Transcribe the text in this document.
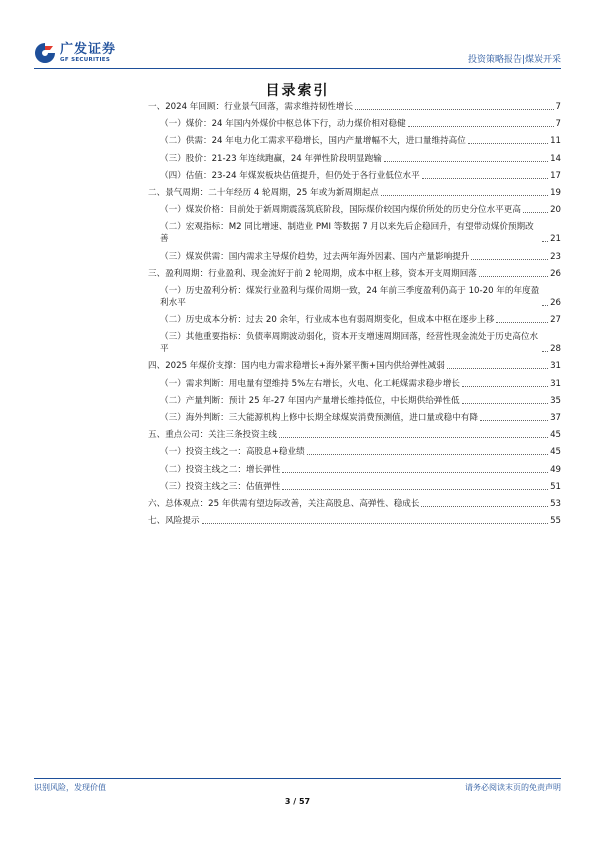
广发证券
GF SECURITIES	投资策略报告|煤炭开采
目录索引
一、2024 年回顾：行业景气回落，需求维持韧性增长	7
（一）煤价：24 年国内外煤价中枢总体下行，动力煤价相对稳健	7
（二）供需：24 年电力化工需求平稳增长，国内产量增幅不大，进口量维持高位	11
（三）股价：21-23 年连续跑赢，24 年弹性阶段明显跑输	14
（四）估值：23-24 年煤炭板块估值提升，但仍处于各行业低位水平	17
二、景气周期：二十年经历 4 轮周期，25 年或为新周期起点	19
（一）煤炭价格：目前处于新周期震荡筑底阶段，国际煤价较国内煤价所处的历史分位水平更高	20
（二）宏观指标：M2 同比增速、制造业 PMI 等数据 7 月以来先后企稳回升，有望带动煤价预期改善	21
（三）煤炭供需：国内需求主导煤价趋势，过去两年海外因素、国内产量影响提升	23
三、盈利周期：行业盈利、现金流好于前 2 轮周期，成本中枢上移，资本开支周期回落	26
（一）历史盈利分析：煤炭行业盈利与煤价周期一致，24 年前三季度盈利仍高于 10-20 年的年度盈利水平	26
（二）历史成本分析：过去 20 余年，行业成本也有弱周期变化，但成本中枢在逐步上移	27
（三）其他重要指标：负债率周期波动弱化，资本开支增速周期回落，经营性现金流处于历史高位水平	28
四、2025 年煤价支撑：国内电力需求稳增长+海外紧平衡+国内供给弹性减弱	31
（一）需求判断：用电量有望维持 5%左右增长，火电、化工耗煤需求稳步增长	31
（二）产量判断：预计 25 年-27 年国内产量增长维持低位，中长期供给弹性低	35
（三）海外判断：三大能源机构上修中长期全球煤炭消费预测值，进口量或稳中有降	37
五、重点公司：关注三条投资主线	45
（一）投资主线之一：高股息+稳业绩	45
（二）投资主线之二：增长弹性	49
（三）投资主线之三：估值弹性	51
六、总体观点：25 年供需有望边际改善，关注高股息、高弹性、稳成长	53
七、风险提示	55
识别风险，发现价值	请务必阅读末页的免责声明
3 / 57
